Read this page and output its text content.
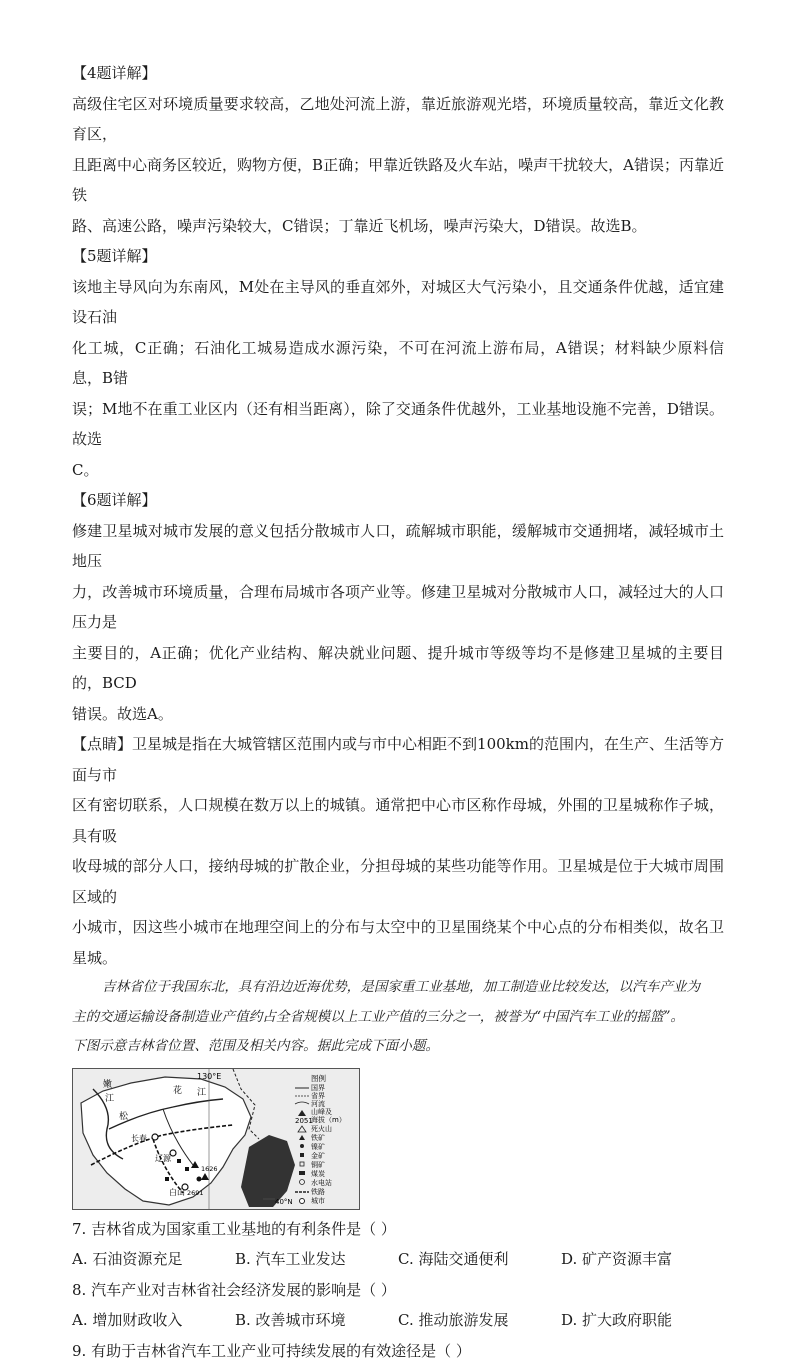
【4题详解】

高级住宅区对环境质量要求较高，乙地处河流上游，靠近旅游观光塔，环境质量较高，靠近文化教育区，

且距离中心商务区较近，购物方便，B正确；甲靠近铁路及火车站，噪声干扰较大，A错误；丙靠近铁

路、高速公路，噪声污染较大，C错误；丁靠近飞机场，噪声污染大，D错误。故选B。

【5题详解】

该地主导风向为东南风，M处在主导风的垂直郊外，对城区大气污染小，且交通条件优越，适宜建设石油

化工城，C正确；石油化工城易造成水源污染，不可在河流上游布局，A错误；材料缺少原料信息，B错

误；M地不在重工业区内（还有相当距离），除了交通条件优越外，工业基地设施不完善，D错误。故选

C。

【6题详解】

修建卫星城对城市发展的意义包括分散城市人口，疏解城市职能，缓解城市交通拥堵，减轻城市土地压

力，改善城市环境质量，合理布局城市各项产业等。修建卫星城对分散城市人口，减轻过大的人口压力是

主要目的，A正确；优化产业结构、解决就业问题、提升城市等级等均不是修建卫星城的主要目的，BCD

错误。故选A。

【点睛】卫星城是指在大城管辖区范围内或与市中心相距不到100km的范围内，在生产、生活等方面与市

区有密切联系，人口规模在数万以上的城镇。通常把中心市区称作母城，外围的卫星城称作子城，具有吸

收母城的部分人口，接纳母城的扩散企业，分担母城的某些功能等作用。卫星城是位于大城市周围区域的

小城市，因这些小城市在地理空间上的分布与太空中的卫星围绕某个中心点的分布相类似，故名卫星城。

吉林省位于我国东北，具有沿边近海优势，是国家重工业基地，加工制造业比较发达，以汽车产业为

主的交通运输设备制造业产值约占全省规模以上工业产值的三分之一，被誉为“中国汽车工业的摇篮”。

下图示意吉林省位置、范围及相关内容。据此完成下面小题。

130°E
40°N
嫩
江
花 江
松
长春
辽源
白山
1626
2691
图例
国界
省界
河流
山峰及
2051
海拔（m）
死火山
铁矿
镍矿
金矿
铜矿
煤炭
水电站
铁路
城市

7. 吉林省成为国家重工业基地的有利条件是（ ）

A. 石油资源充足	B. 汽车工业发达	C. 海陆交通便利	D. 矿产资源丰富

8. 汽车产业对吉林省社会经济发展的影响是（ ）

A. 增加财政收入	B. 改善城市环境	C. 推动旅游发展	D. 扩大政府职能

9. 有助于吉林省汽车工业产业可持续发展的有效途径是（ ）
